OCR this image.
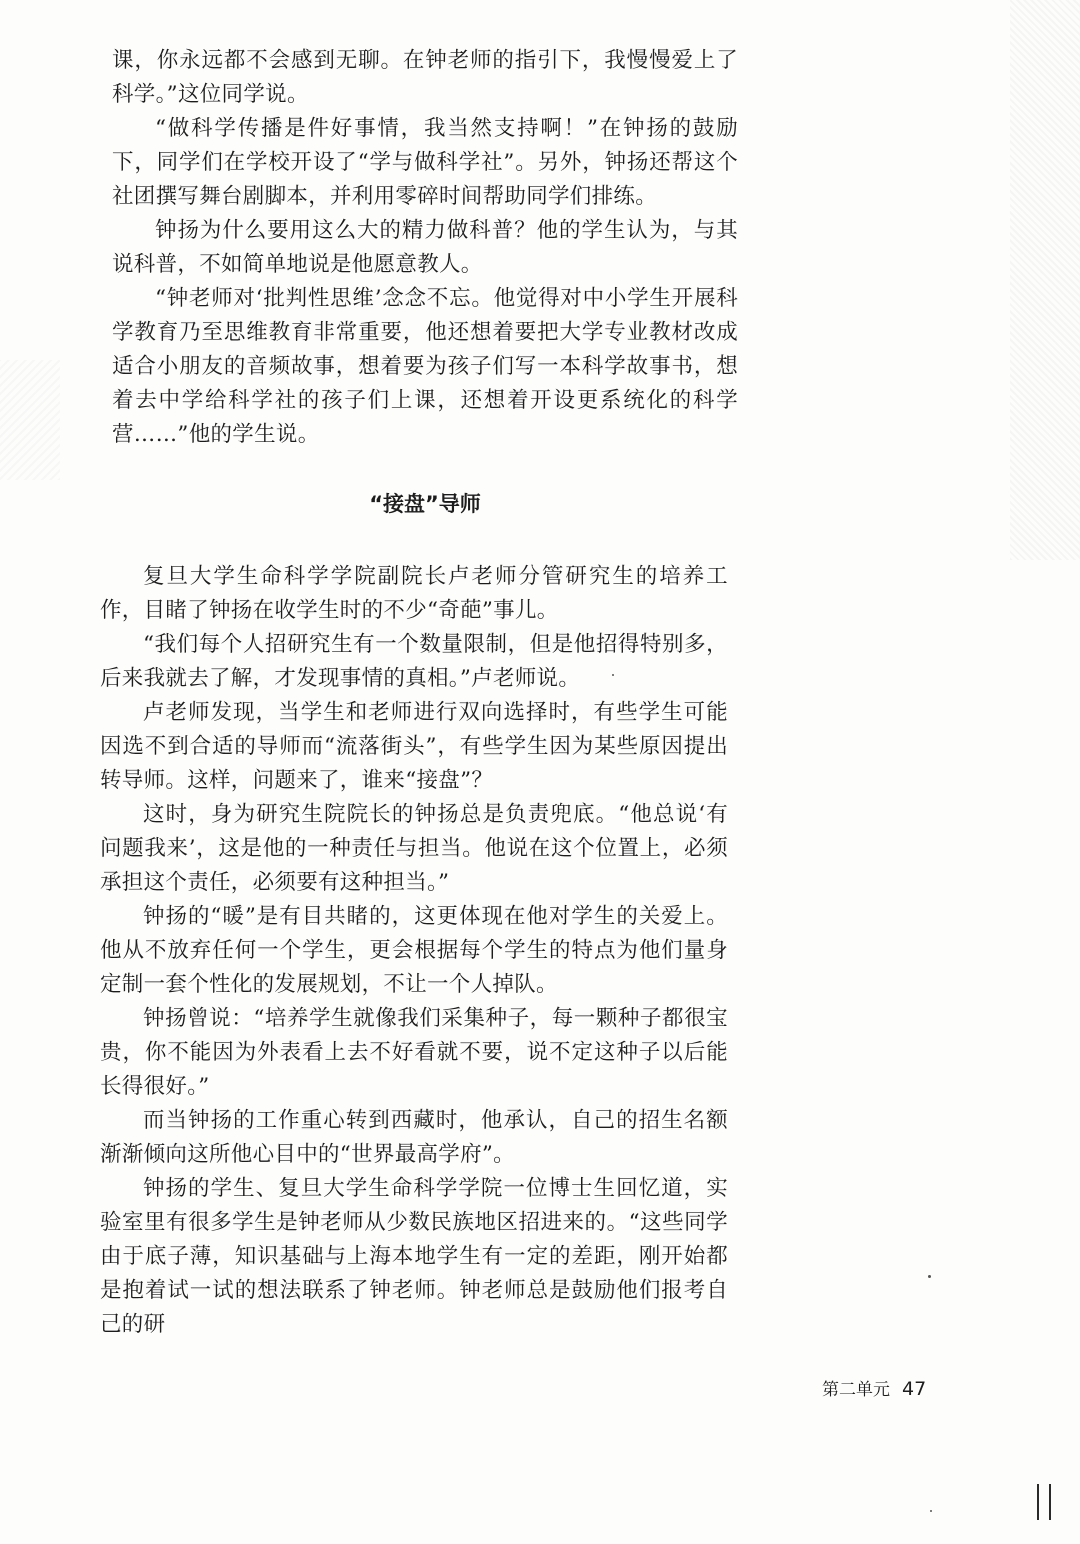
课，你永远都不会感到无聊。在钟老师的指引下，我慢慢爱上了科学。”这位同学说。

“做科学传播是件好事情，我当然支持啊！”在钟扬的鼓励下，同学们在学校开设了“学与做科学社”。另外，钟扬还帮这个社团撰写舞台剧脚本，并利用零碎时间帮助同学们排练。

钟扬为什么要用这么大的精力做科普？他的学生认为，与其说科普，不如简单地说是他愿意教人。

“钟老师对‘批判性思维’念念不忘。他觉得对中小学生开展科学教育乃至思维教育非常重要，他还想着要把大学专业教材改成适合小朋友的音频故事，想着要为孩子们写一本科学故事书，想着去中学给科学社的孩子们上课，还想着开设更系统化的科学营……”他的学生说。

“接盘”导师

复旦大学生命科学学院副院长卢老师分管研究生的培养工作，目睹了钟扬在收学生时的不少“奇葩”事儿。

“我们每个人招研究生有一个数量限制，但是他招得特别多，后来我就去了解，才发现事情的真相。”卢老师说。

卢老师发现，当学生和老师进行双向选择时，有些学生可能因选不到合适的导师而“流落街头”，有些学生因为某些原因提出转导师。这样，问题来了，谁来“接盘”？

这时，身为研究生院院长的钟扬总是负责兜底。“他总说‘有问题我来’，这是他的一种责任与担当。他说在这个位置上，必须承担这个责任，必须要有这种担当。”

钟扬的“暖”是有目共睹的，这更体现在他对学生的关爱上。他从不放弃任何一个学生，更会根据每个学生的特点为他们量身定制一套个性化的发展规划，不让一个人掉队。

钟扬曾说：“培养学生就像我们采集种子，每一颗种子都很宝贵，你不能因为外表看上去不好看就不要，说不定这种子以后能长得很好。”

而当钟扬的工作重心转到西藏时，他承认，自己的招生名额渐渐倾向这所他心目中的“世界最高学府”。

钟扬的学生、复旦大学生命科学学院一位博士生回忆道，实验室里有很多学生是钟老师从少数民族地区招进来的。“这些同学由于底子薄，知识基础与上海本地学生有一定的差距，刚开始都是抱着试一试的想法联系了钟老师。钟老师总是鼓励他们报考自己的研

第二单元 47
